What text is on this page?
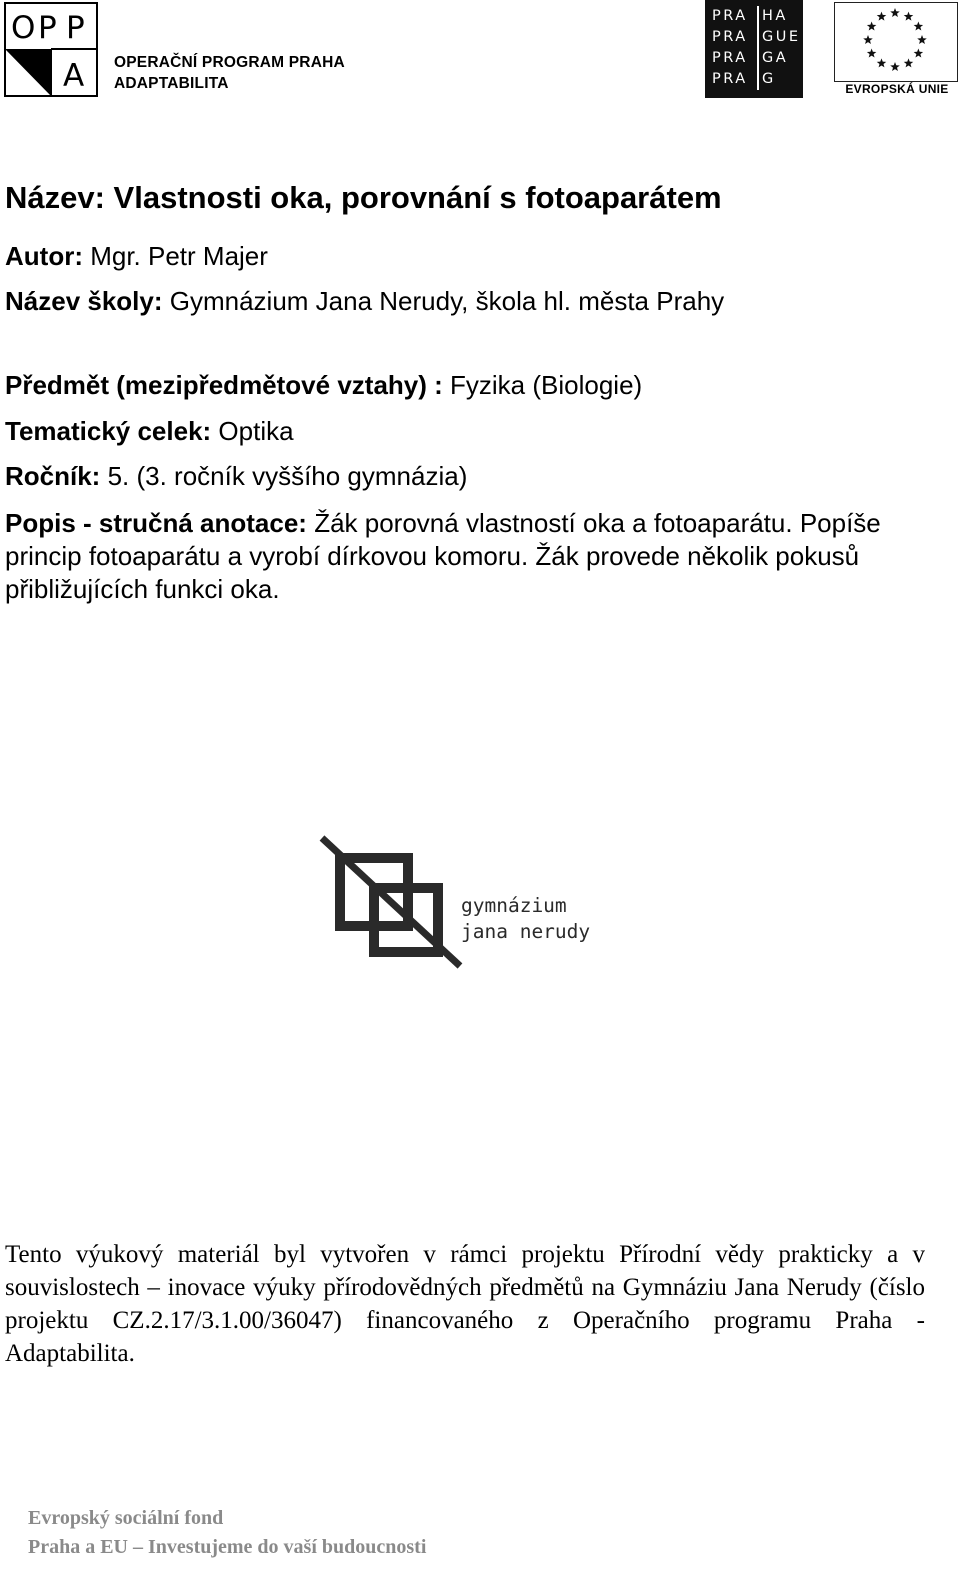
O P P
A OPERAČNÍ PROGRAM PRAHA
ADAPTABILITA
PRA HA
PRA GUE
PRA GA
PRA G
EVROPSKÁ UNIE
Název: Vlastnosti oka, porovnání s fotoaparátem
Autor: Mgr. Petr Majer
Název školy: Gymnázium Jana Nerudy, škola hl. města Prahy
Předmět (mezipředmětové vztahy) : Fyzika (Biologie)
Tematický celek: Optika
Ročník: 5. (3. ročník vyššího gymnázia)
Popis - stručná anotace: Žák porovná vlastností oka a fotoaparátu. Popíše princip fotoaparátu a vyrobí dírkovou komoru. Žák provede několik pokusů přibližujících funkci oka.
gymnázium
jana nerudy
Tento výukový materiál byl vytvořen v rámci projektu Přírodní vědy prakticky a v souvislostech – inovace výuky přírodovědných předmětů na Gymnáziu Jana Nerudy (číslo projektu CZ.2.17/3.1.00/36047) financovaného z Operačního programu Praha - Adaptabilita.
Evropský sociální fond
Praha a EU – Investujeme do vaší budoucnosti
